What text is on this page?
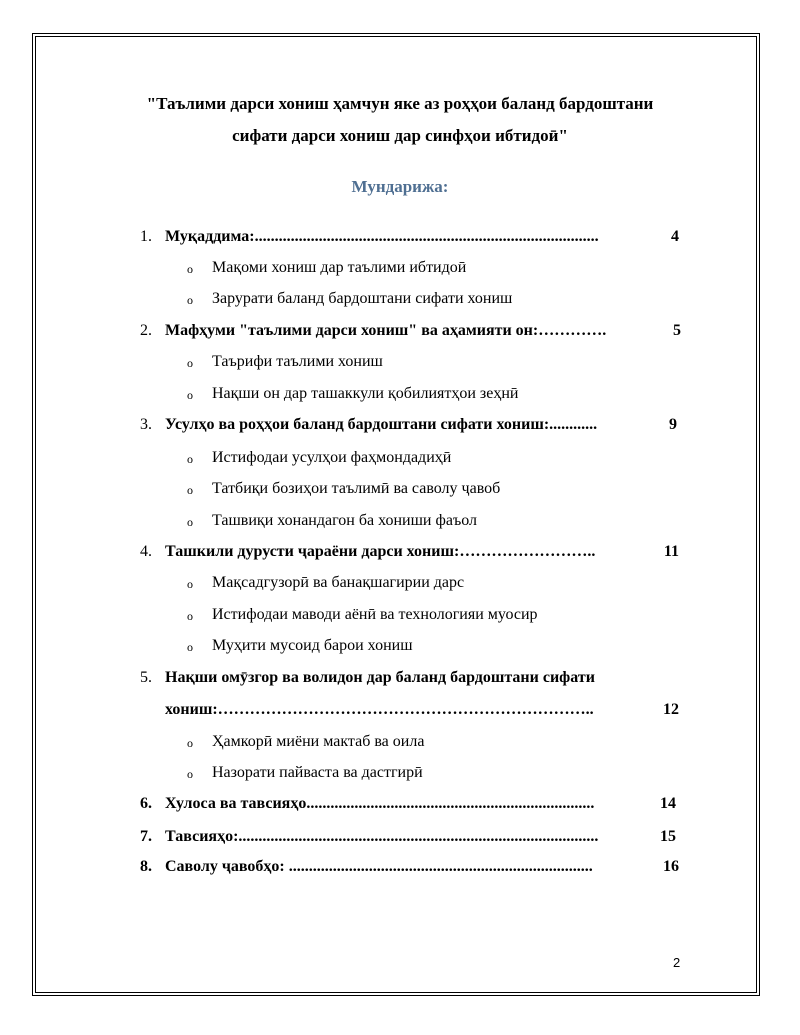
"Таълими дарси хониш ҳамчун яке аз роҳҳои баланд бардоштани
сифати дарси хониш дар синфҳои ибтидоӣ"
Мундарижа:
1. Муқаддима: ......................................................................................	4
o Мақоми хониш дар таълими ибтидоӣ
o Зарурати баланд бардоштани сифати хониш
2. Мафҳуми "таълими дарси хониш" ва аҳамияти он: ………….	5
o Таърифи таълими хониш
o Нақши он дар ташаккули қобилиятҳои зеҳнӣ
3. Усулҳо ва роҳҳои баланд бардоштани сифати хониш: ............	9
o Истифодаи усулҳои фаҳмондадиҳӣ
o Татбиқи бозиҳои таълимӣ ва саволу ҷавоб
o Ташвиқи хонандагон ба хониши фаъол
4. Ташкили дурусти ҷараёни дарси хониш: ……………………..	11
o Мақсадгузорӣ ва банақшагирии дарс
o Истифодаи маводи аёнӣ ва технологияи муосир
o Муҳити мусоид барои хониш
5. Нақши омӯзгор ва волидон дар баланд бардоштани сифати
хониш: ……………………………………………………………..	12
o Ҳамкорӣ миёни мактаб ва оила
o Назорати пайваста ва дастгирӣ
6. Хулоса ва тавсияҳо ........................................................................	14
7. Тавсияҳо: ..........................................................................................	15
8. Саволу ҷавобҳо: ............................................................................	16
2
